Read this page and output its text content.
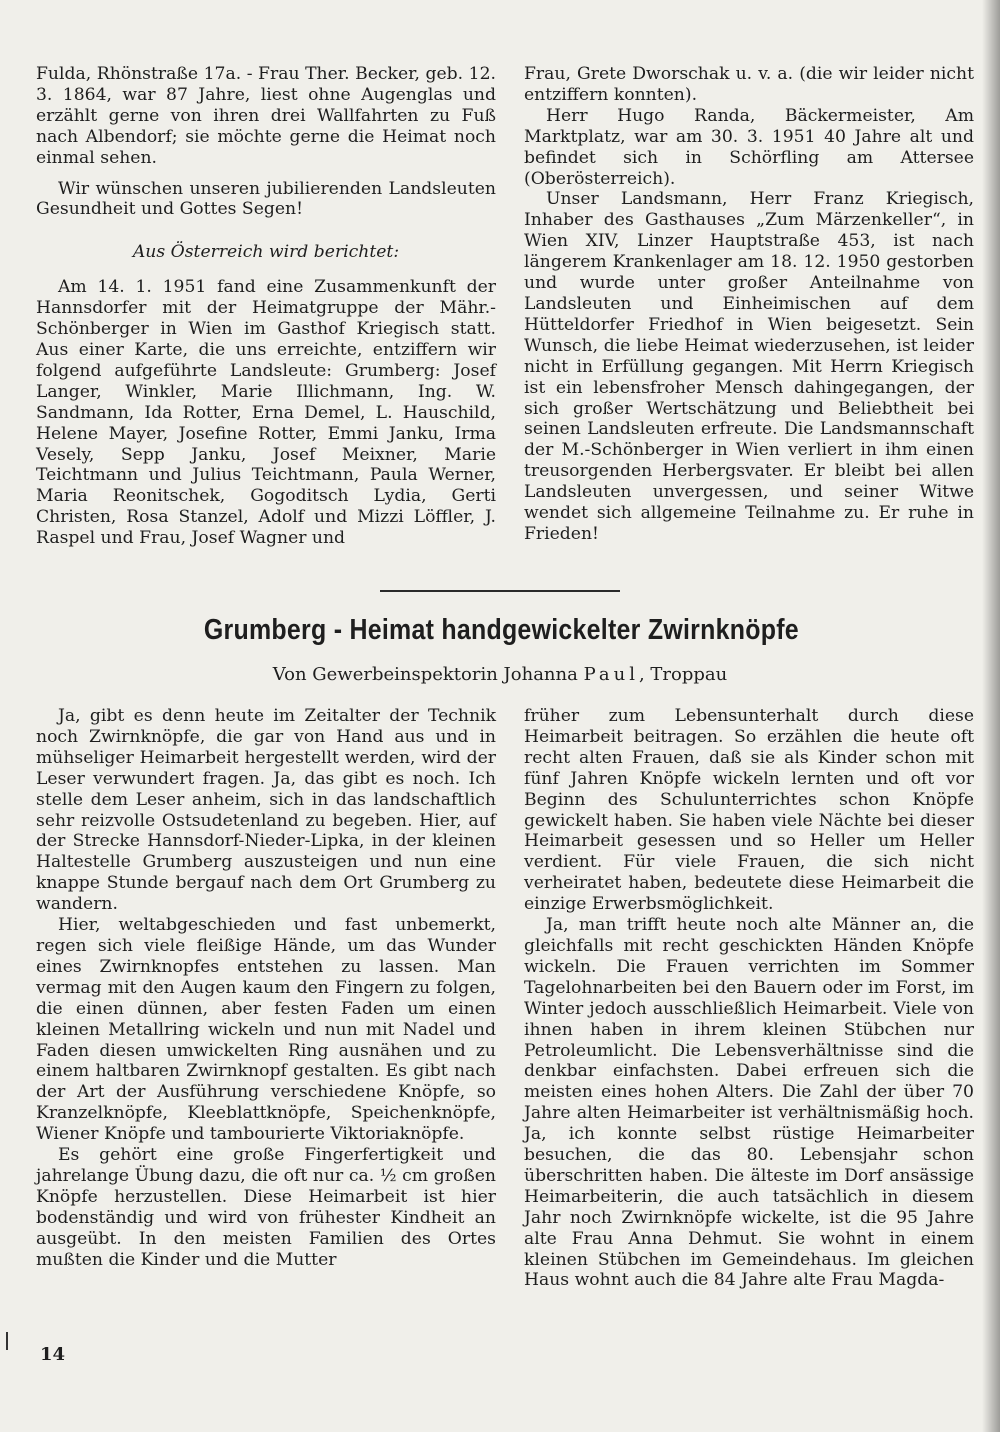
Fulda, Rhönstraße 17a. - Frau Ther. Becker, geb. 12. 3. 1864, war 87 Jahre, liest ohne Augenglas und erzählt gerne von ihren drei Wallfahrten zu Fuß nach Albendorf; sie möchte gerne die Heimat noch einmal sehen.

Wir wünschen unseren jubilierenden Landsleuten Gesundheit und Gottes Segen!

Aus Österreich wird berichtet:

Am 14. 1. 1951 fand eine Zusammenkunft der Hannsdorfer mit der Heimatgruppe der Mähr.-Schönberger in Wien im Gasthof Kriegisch statt. Aus einer Karte, die uns erreichte, entziffern wir folgend aufgeführte Landsleute: Grumberg: Josef Langer, Winkler, Marie Illichmann, Ing. W. Sandmann, Ida Rotter, Erna Demel, L. Hauschild, Helene Mayer, Josefine Rotter, Emmi Janku, Irma Vesely, Sepp Janku, Josef Meixner, Marie Teichtmann und Julius Teichtmann, Paula Werner, Maria Reonitschek, Gogoditsch Lydia, Gerti Christen, Rosa Stanzel, Adolf und Mizzi Löffler, J. Raspel und Frau, Josef Wagner und

Frau, Grete Dworschak u. v. a. (die wir leider nicht entziffern konnten).

Herr Hugo Randa, Bäckermeister, Am Marktplatz, war am 30. 3. 1951 40 Jahre alt und befindet sich in Schörfling am Attersee (Oberösterreich).

Unser Landsmann, Herr Franz Kriegisch, Inhaber des Gasthauses „Zum Märzenkeller“, in Wien XIV, Linzer Hauptstraße 453, ist nach längerem Krankenlager am 18. 12. 1950 gestorben und wurde unter großer Anteilnahme von Landsleuten und Einheimischen auf dem Hütteldorfer Friedhof in Wien beigesetzt. Sein Wunsch, die liebe Heimat wiederzusehen, ist leider nicht in Erfüllung gegangen. Mit Herrn Kriegisch ist ein lebensfroher Mensch dahingegangen, der sich großer Wertschätzung und Beliebtheit bei seinen Landsleuten erfreute. Die Landsmannschaft der M.-Schönberger in Wien verliert in ihm einen treusorgenden Herbergsvater. Er bleibt bei allen Landsleuten unvergessen, und seiner Witwe wendet sich allgemeine Teilnahme zu. Er ruhe in Frieden!

Grumberg - Heimat handgewickelter Zwirnknöpfe
Von Gewerbeinspektorin Johanna Paul, Troppau

Ja, gibt es denn heute im Zeitalter der Technik noch Zwirnknöpfe, die gar von Hand aus und in mühseliger Heimarbeit hergestellt werden, wird der Leser verwundert fragen. Ja, das gibt es noch. Ich stelle dem Leser anheim, sich in das landschaftlich sehr reizvolle Ostsudetenland zu begeben. Hier, auf der Strecke Hannsdorf-Nieder-Lipka, in der kleinen Haltestelle Grumberg auszusteigen und nun eine knappe Stunde bergauf nach dem Ort Grumberg zu wandern.

Hier, weltabgeschieden und fast unbemerkt, regen sich viele fleißige Hände, um das Wunder eines Zwirnknopfes entstehen zu lassen. Man vermag mit den Augen kaum den Fingern zu folgen, die einen dünnen, aber festen Faden um einen kleinen Metallring wickeln und nun mit Nadel und Faden diesen umwickelten Ring ausnähen und zu einem haltbaren Zwirnknopf gestalten. Es gibt nach der Art der Ausführung verschiedene Knöpfe, so Kranzelknöpfe, Kleeblattknöpfe, Speichenknöpfe, Wiener Knöpfe und tambourierte Viktoriaknöpfe.

Es gehört eine große Fingerfertigkeit und jahrelange Übung dazu, die oft nur ca. ½ cm großen Knöpfe herzustellen. Diese Heimarbeit ist hier bodenständig und wird von frühester Kindheit an ausgeübt. In den meisten Familien des Ortes mußten die Kinder und die Mutter

früher zum Lebensunterhalt durch diese Heimarbeit beitragen. So erzählen die heute oft recht alten Frauen, daß sie als Kinder schon mit fünf Jahren Knöpfe wickeln lernten und oft vor Beginn des Schulunterrichtes schon Knöpfe gewickelt haben. Sie haben viele Nächte bei dieser Heimarbeit gesessen und so Heller um Heller verdient. Für viele Frauen, die sich nicht verheiratet haben, bedeutete diese Heimarbeit die einzige Erwerbsmöglichkeit.

Ja, man trifft heute noch alte Männer an, die gleichfalls mit recht geschickten Händen Knöpfe wickeln. Die Frauen verrichten im Sommer Tagelohnarbeiten bei den Bauern oder im Forst, im Winter jedoch ausschließlich Heimarbeit. Viele von ihnen haben in ihrem kleinen Stübchen nur Petroleumlicht. Die Lebensverhältnisse sind die denkbar einfachsten. Dabei erfreuen sich die meisten eines hohen Alters. Die Zahl der über 70 Jahre alten Heimarbeiter ist verhältnismäßig hoch. Ja, ich konnte selbst rüstige Heimarbeiter besuchen, die das 80. Lebensjahr schon überschritten haben. Die älteste im Dorf ansässige Heimarbeiterin, die auch tatsächlich in diesem Jahr noch Zwirnknöpfe wickelte, ist die 95 Jahre alte Frau Anna Dehmut. Sie wohnt in einem kleinen Stübchen im Gemeindehaus. Im gleichen Haus wohnt auch die 84 Jahre alte Frau Magda-

14
